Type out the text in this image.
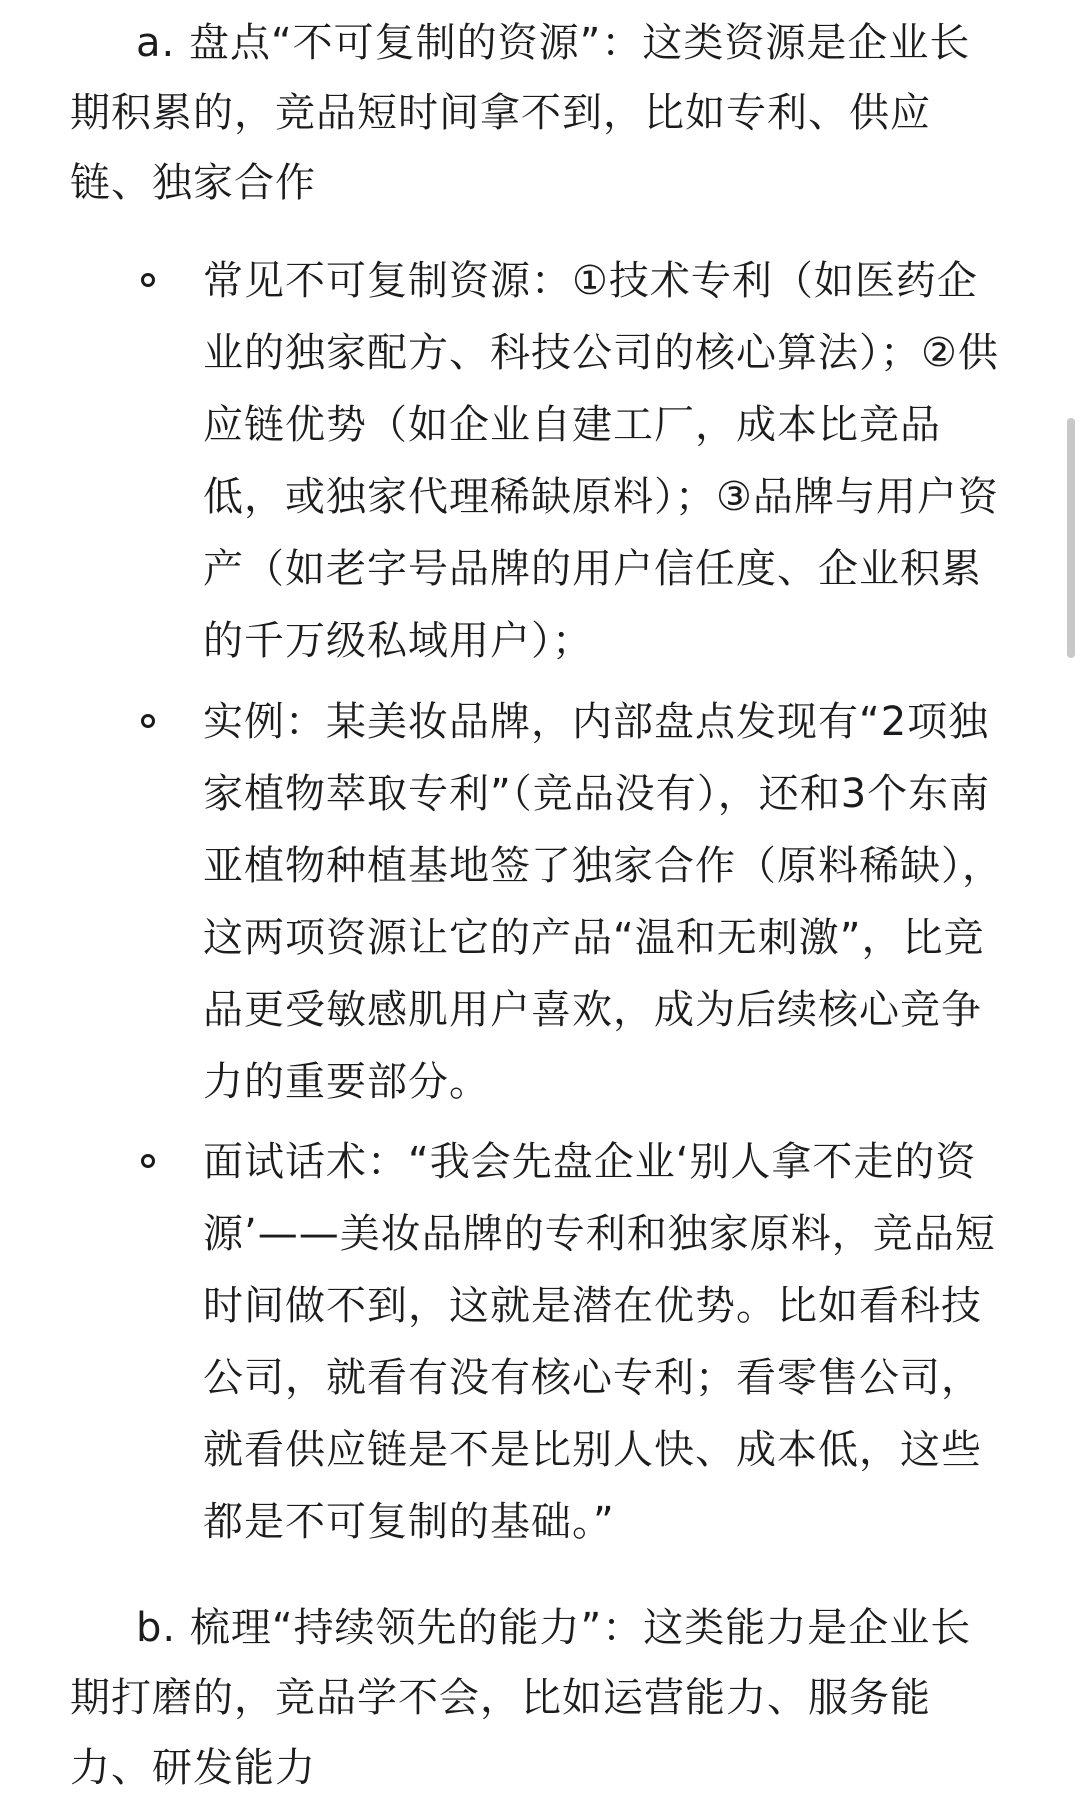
a. 盘点“不可复制的资源”：这类资源是企业长期积累的，竞品短时间拿不到，比如专利、供应链、独家合作

常见不可复制资源：①技术专利（如医药企业的独家配方、科技公司的核心算法）；②供应链优势（如企业自建工厂，成本比竞品低，或独家代理稀缺原料）；③品牌与用户资产（如老字号品牌的用户信任度、企业积累的千万级私域用户）；

实例：某美妆品牌，内部盘点发现有“2项独家植物萃取专利”（竞品没有），还和3个东南亚植物种植基地签了独家合作（原料稀缺），这两项资源让它的产品“温和无刺激”，比竞品更受敏感肌用户喜欢，成为后续核心竞争力的重要部分。

面试话术：“我会先盘企业‘别人拿不走的资源’——美妆品牌的专利和独家原料，竞品短时间做不到，这就是潜在优势。比如看科技公司，就看有没有核心专利；看零售公司，就看供应链是不是比别人快、成本低，这些都是不可复制的基础。”

b. 梳理“持续领先的能力”：这类能力是企业长期打磨的，竞品学不会，比如运营能力、服务能力、研发能力
